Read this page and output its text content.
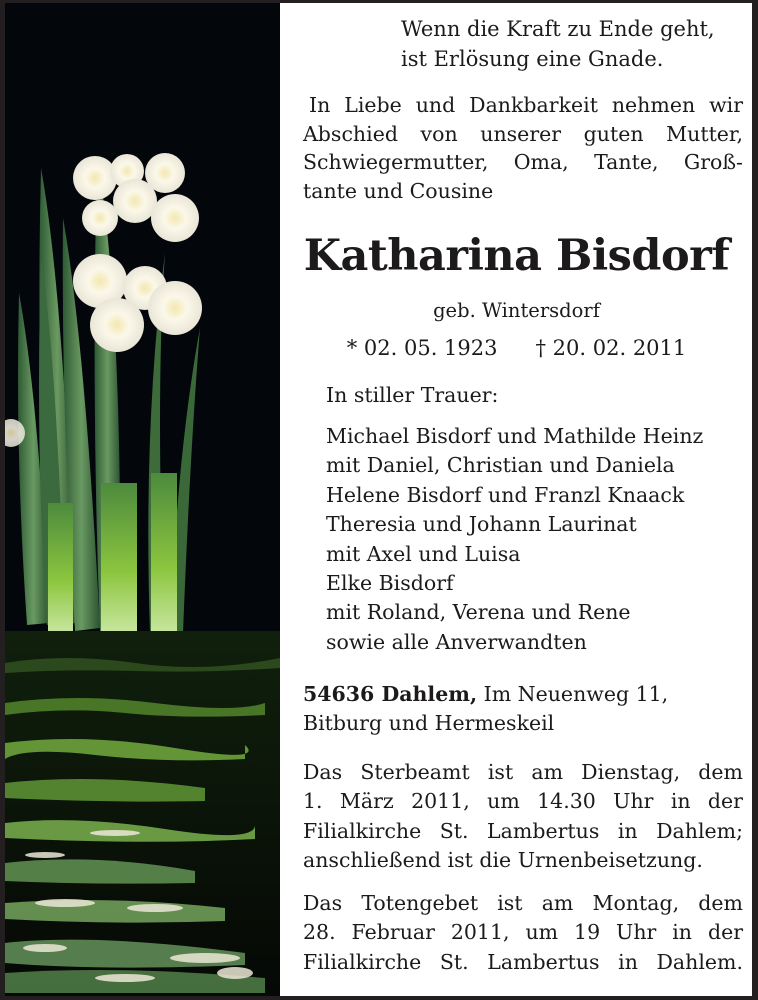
Wenn die Kraft zu Ende geht,
ist Erlösung eine Gnade.
In Liebe und Dankbarkeit nehmen wir
Abschied von unserer guten Mutter,
Schwiegermutter, Oma, Tante, Groß-
tante und Cousine
Katharina Bisdorf
geb. Wintersdorf
* 02. 05. 1923 † 20. 02. 2011
In stiller Trauer:
Michael Bisdorf und Mathilde Heinz
mit Daniel, Christian und Daniela
Helene Bisdorf und Franzl Knaack
Theresia und Johann Laurinat
mit Axel und Luisa
Elke Bisdorf
mit Roland, Verena und Rene
sowie alle Anverwandten
54636 Dahlem, Im Neuenweg 11,
Bitburg und Hermeskeil
Das Sterbeamt ist am Dienstag, dem
1. März 2011, um 14.30 Uhr in der
Filialkirche St. Lambertus in Dahlem;
anschließend ist die Urnenbeisetzung.
Das Totengebet ist am Montag, dem
28. Februar 2011, um 19 Uhr in der
Filialkirche St. Lambertus in Dahlem.
